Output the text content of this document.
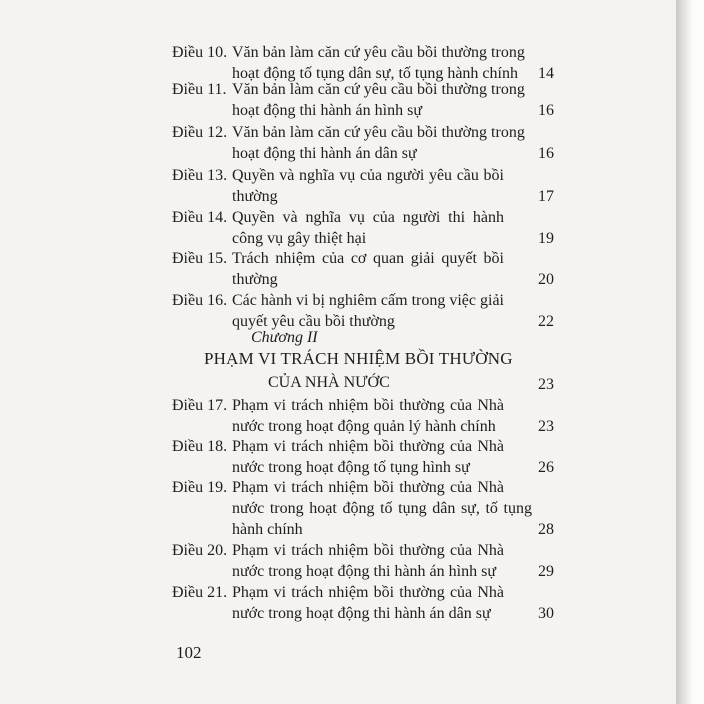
Điều 10. Văn bản làm căn cứ yêu cầu bồi thường trong
hoạt động tố tụng dân sự, tố tụng hành chính	14
Điều 11. Văn bản làm căn cứ yêu cầu bồi thường trong
hoạt động thi hành án hình sự	16
Điều 12. Văn bản làm căn cứ yêu cầu bồi thường trong
hoạt động thi hành án dân sự	16
Điều 13. Quyền và nghĩa vụ của người yêu cầu bồi
thường	17
Điều 14. Quyền và nghĩa vụ của người thi hành
công vụ gây thiệt hại	19
Điều 15. Trách nhiệm của cơ quan giải quyết bồi
thường	20
Điều 16. Các hành vi bị nghiêm cấm trong việc giải
quyết yêu cầu bồi thường	22
Điều 17. Phạm vi trách nhiệm bồi thường của Nhà
nước trong hoạt động quản lý hành chính	23
Điều 18. Phạm vi trách nhiệm bồi thường của Nhà
nước trong hoạt động tố tụng hình sự	26
Điều 19. Phạm vi trách nhiệm bồi thường của Nhà
nước trong hoạt động tố tụng dân sự, tố tụng
hành chính	28
Điều 20. Phạm vi trách nhiệm bồi thường của Nhà
nước trong hoạt động thi hành án hình sự	29
Điều 21. Phạm vi trách nhiệm bồi thường của Nhà
nước trong hoạt động thi hành án dân sự	30
Chương II
PHẠM VI TRÁCH NHIỆM BỒI THƯỜNG
CỦA NHÀ NƯỚC	23
102
